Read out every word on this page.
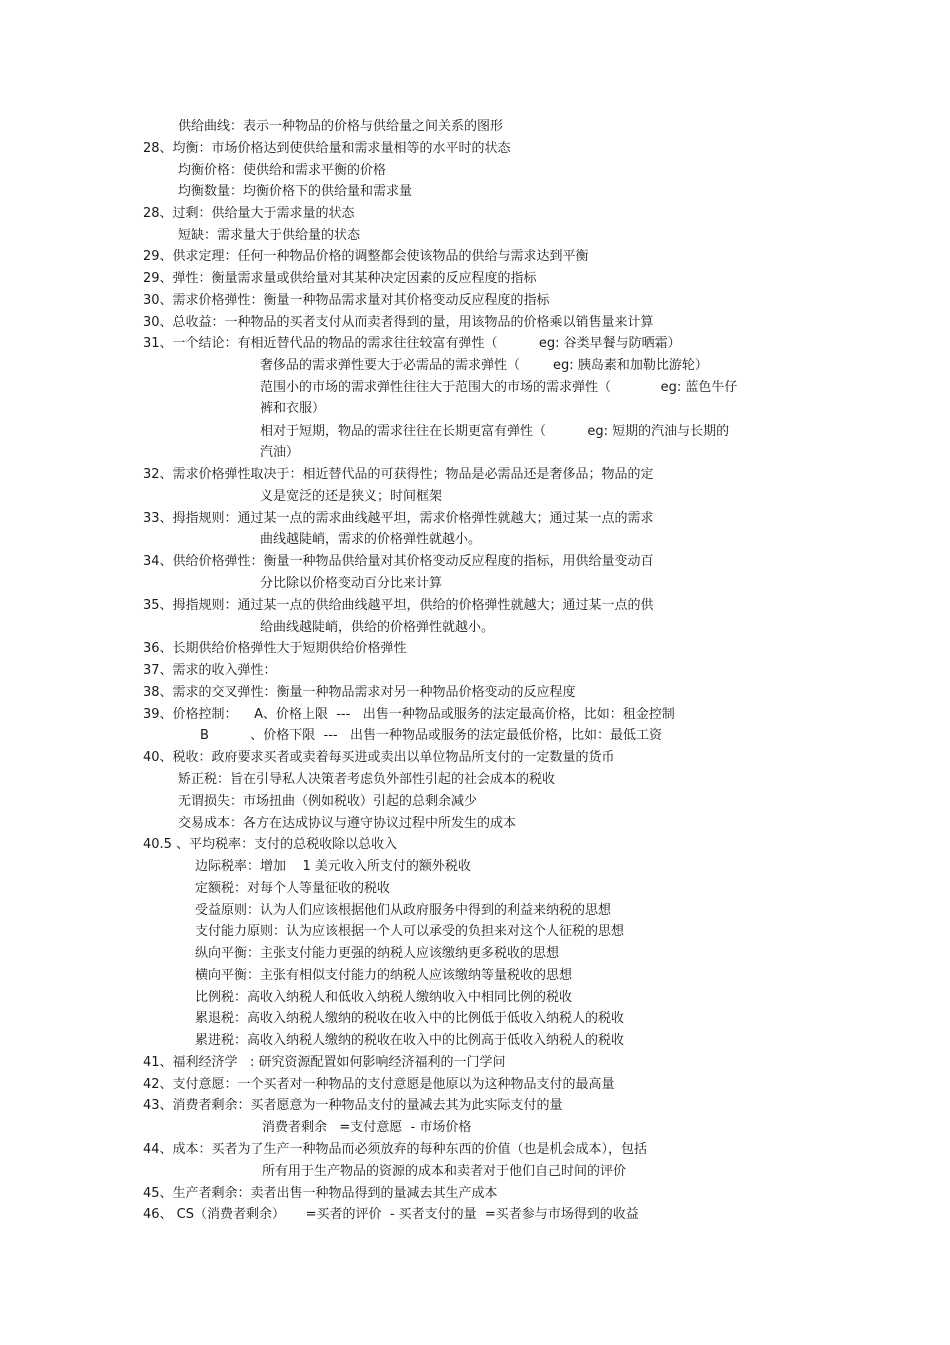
供给曲线：表示一种物品的价格与供给量之间关系的图形
28、均衡：市场价格达到使供给量和需求量相等的水平时的状态
均衡价格：使供给和需求平衡的价格
均衡数量：均衡价格下的供给量和需求量
28、过剩：供给量大于需求量的状态
短缺：需求量大于供给量的状态
29、供求定理：任何一种物品价格的调整都会使该物品的供给与需求达到平衡
29、弹性：衡量需求量或供给量对其某种决定因素的反应程度的指标
30、需求价格弹性：衡量一种物品需求量对其价格变动反应程度的指标
30、总收益：一种物品的买者支付从而卖者得到的量，用该物品的价格乘以销售量来计算
31、一个结论：有相近替代品的物品的需求往往较富有弹性（          eg: 谷类早餐与防晒霜）
奢侈品的需求弹性要大于必需品的需求弹性（        eg: 胰岛素和加勒比游轮）
范围小的市场的需求弹性往往大于范围大的市场的需求弹性（            eg: 蓝色牛仔
裤和衣服）
相对于短期，物品的需求往往在长期更富有弹性（          eg: 短期的汽油与长期的
汽油）
32、需求价格弹性取决于：相近替代品的可获得性；物品是必需品还是奢侈品；物品的定
义是宽泛的还是狭义；时间框架
33、拇指规则：通过某一点的需求曲线越平坦，需求价格弹性就越大；通过某一点的需求
曲线越陡峭，需求的价格弹性就越小。
34、供给价格弹性：衡量一种物品供给量对其价格变动反应程度的指标，用供给量变动百
分比除以价格变动百分比来计算
35、拇指规则：通过某一点的供给曲线越平坦，供给的价格弹性就越大；通过某一点的供
给曲线越陡峭，供给的价格弹性就越小。
36、长期供给价格弹性大于短期供给价格弹性
37、需求的收入弹性：
38、需求的交叉弹性：衡量一种物品需求对另一种物品价格变动的反应程度
39、价格控制：    A、价格上限  ---   出售一种物品或服务的法定最高价格，比如：租金控制
B          、价格下限  ---   出售一种物品或服务的法定最低价格，比如：最低工资
40、税收：政府要求买者或卖着每买进或卖出以单位物品所支付的一定数量的货币
矫正税：旨在引导私人决策者考虑负外部性引起的社会成本的税收
无谓损失：市场扭曲（例如税收）引起的总剩余减少
交易成本：各方在达成协议与遵守协议过程中所发生的成本
40.5 、平均税率：支付的总税收除以总收入
边际税率：增加    1 美元收入所支付的额外税收
定额税：对每个人等量征收的税收
受益原则：认为人们应该根据他们从政府服务中得到的利益来纳税的思想
支付能力原则：认为应该根据一个人可以承受的负担来对这个人征税的思想
纵向平衡：主张支付能力更强的纳税人应该缴纳更多税收的思想
横向平衡：主张有相似支付能力的纳税人应该缴纳等量税收的思想
比例税：高收入纳税人和低收入纳税人缴纳收入中相同比例的税收
累退税：高收入纳税人缴纳的税收在收入中的比例低于低收入纳税人的税收
累进税：高收入纳税人缴纳的税收在收入中的比例高于低收入纳税人的税收
41、福利经济学   : 研究资源配置如何影响经济福利的一门学问
42、支付意愿：一个买者对一种物品的支付意愿是他原以为这种物品支付的最高量
43、消费者剩余：买者愿意为一种物品支付的量减去其为此实际支付的量
消费者剩余   =支付意愿  - 市场价格
44、成本：买者为了生产一种物品而必须放弃的每种东西的价值（也是机会成本），包括
所有用于生产物品的资源的成本和卖者对于他们自己时间的评价
45、生产者剩余：卖者出售一种物品得到的量减去其生产成本
46、 CS（消费者剩余）     =买者的评价  - 买者支付的量  =买者参与市场得到的收益
